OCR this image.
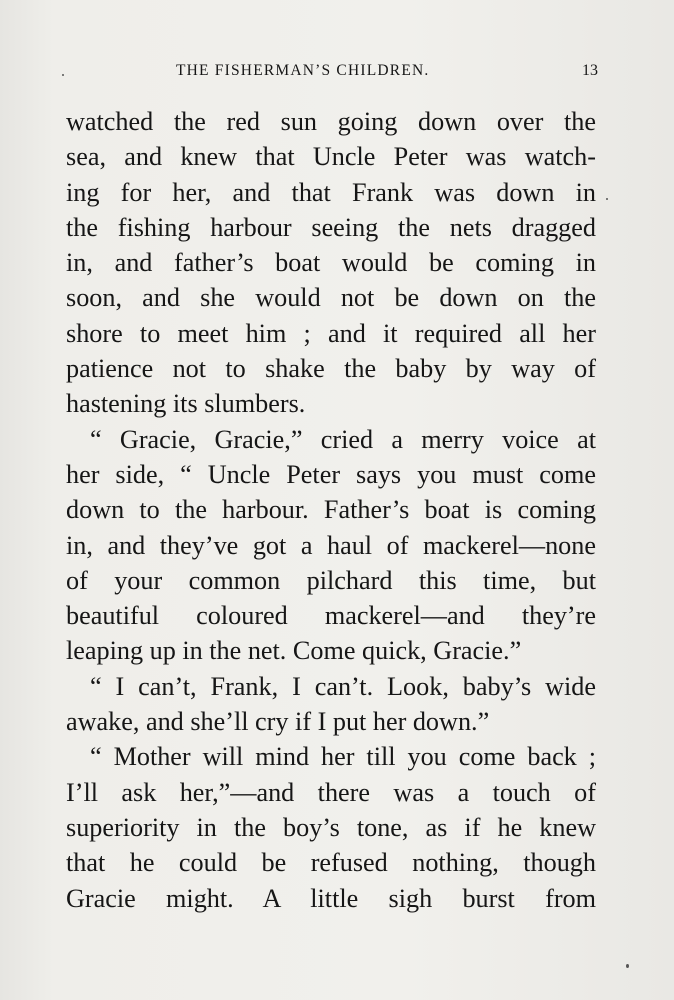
THE FISHERMAN’S CHILDREN.	13
watched the red sun going down over the
sea, and knew that Uncle Peter was watch-
ing for her, and that Frank was down in
the fishing harbour seeing the nets dragged
in, and father’s boat would be coming in
soon, and she would not be down on the
shore to meet him ; and it required all her
patience not to shake the baby by way of
hastening its slumbers.
“ Gracie, Gracie,” cried a merry voice at
her side, “ Uncle Peter says you must come
down to the harbour. Father’s boat is coming
in, and they’ve got a haul of mackerel—none
of your common pilchard this time, but
beautiful coloured mackerel—and they’re
leaping up in the net. Come quick, Gracie.”
“ I can’t, Frank, I can’t. Look, baby’s wide
awake, and she’ll cry if I put her down.”
“ Mother will mind her till you come back ;
I’ll ask her,”—and there was a touch of
superiority in the boy’s tone, as if he knew
that he could be refused nothing, though
Gracie might. A little sigh burst from
